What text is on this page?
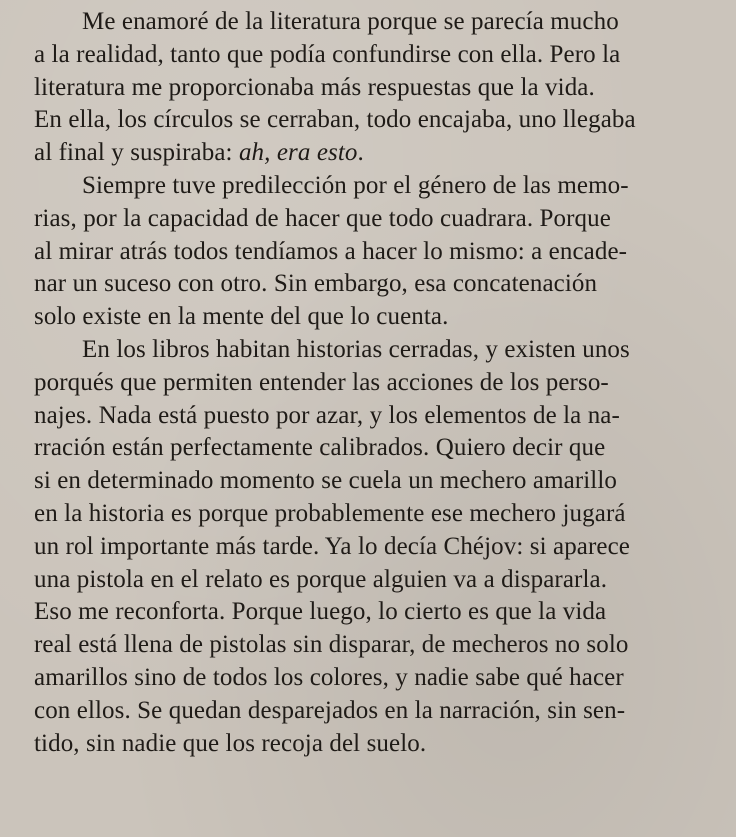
Me enamoré de la literatura porque se parecía mucho
a la realidad, tanto que podía confundirse con ella. Pero la
literatura me proporcionaba más respuestas que la vida.
En ella, los círculos se cerraban, todo encajaba, uno llegaba
al final y suspiraba: ah, era esto.
Siempre tuve predilección por el género de las memo-
rias, por la capacidad de hacer que todo cuadrara. Porque
al mirar atrás todos tendíamos a hacer lo mismo: a encade-
nar un suceso con otro. Sin embargo, esa concatenación
solo existe en la mente del que lo cuenta.
En los libros habitan historias cerradas, y existen unos
porqués que permiten entender las acciones de los perso-
najes. Nada está puesto por azar, y los elementos de la na-
rración están perfectamente calibrados. Quiero decir que
si en determinado momento se cuela un mechero amarillo
en la historia es porque probablemente ese mechero jugará
un rol importante más tarde. Ya lo decía Chéjov: si aparece
una pistola en el relato es porque alguien va a dispararla.
Eso me reconforta. Porque luego, lo cierto es que la vida
real está llena de pistolas sin disparar, de mecheros no solo
amarillos sino de todos los colores, y nadie sabe qué hacer
con ellos. Se quedan desparejados en la narración, sin sen-
tido, sin nadie que los recoja del suelo.
